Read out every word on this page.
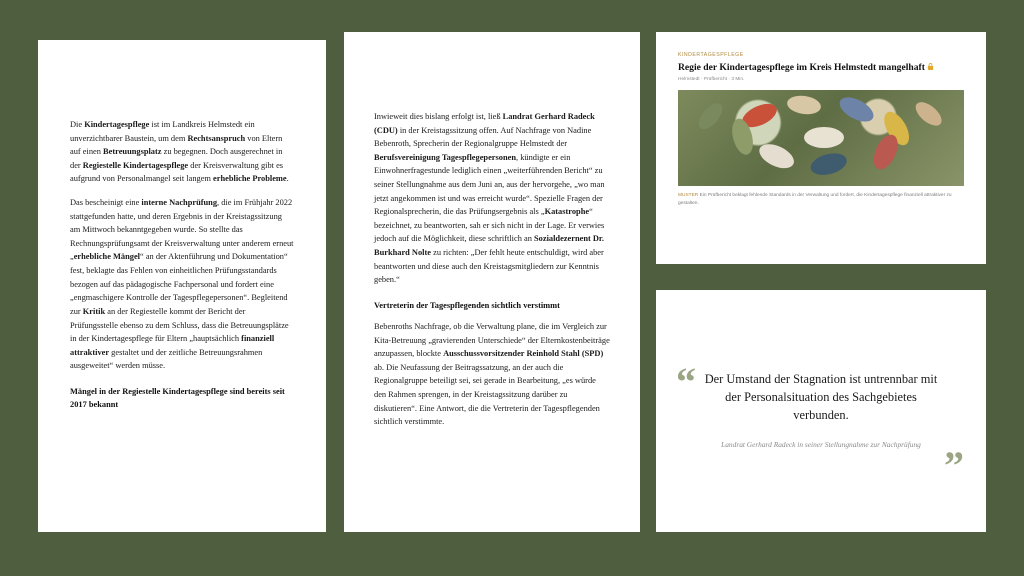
Die Kindertagespflege ist im Landkreis Helmstedt ein unverzichtbarer Baustein, um dem Rechtsanspruch von Eltern auf einen Betreuungsplatz zu begegnen. Doch ausgerechnet in der Regiestelle Kindertagespflege der Kreisverwaltung gibt es aufgrund von Personalmangel seit langem erhebliche Probleme.
Das bescheinigt eine interne Nachprüfung, die im Frühjahr 2022 stattgefunden hatte, und deren Ergebnis in der Kreistagssitzung am Mittwoch bekanntgegeben wurde. So stellte das Rechnungsprüfungsamt der Kreisverwaltung unter anderem erneut „erhebliche Mängel“ an der Aktenführung und Dokumentation“ fest, beklagte das Fehlen von einheitlichen Prüfungsstandards bezogen auf das pädagogische Fachpersonal und fordert eine „engmaschigere Kontrolle der Tagespflegepersonen“. Begleitend zur Kritik an der Regiestelle kommt der Bericht der Prüfungsstelle ebenso zu dem Schluss, dass die Betreuungsplätze in der Kindertagespflege für Eltern „hauptsächlich finanziell attraktiver gestaltet und der zeitliche Betreuungsrahmen ausgeweitet“ werden müsse.
Mängel in der Regiestelle Kindertagespflege sind bereits seit 2017 bekannt
Inwieweit dies bislang erfolgt ist, ließ Landrat Gerhard Radeck (CDU) in der Kreistagssitzung offen. Auf Nachfrage von Nadine Bebenroth, Sprecherin der Regionalgruppe Helmstedt der Berufsvereinigung Tagespflegepersonen, kündigte er ein Einwohnerfragestunde lediglich einen „weiterführenden Bericht“ zu seiner Stellungnahme aus dem Juni an, aus der hervorgehe, „wo man jetzt angekommen ist und was erreicht wurde“. Spezielle Fragen der Regionalsprecherin, die das Prüfungsergebnis als „Katastrophe“ bezeichnet, zu beantworten, sah er sich nicht in der Lage. Er verwies jedoch auf die Möglichkeit, diese schriftlich an Sozialdezernent Dr. Burkhard Nolte zu richten: „Der fehlt heute entschuldigt, wird aber beantworten und diese auch den Kreistagsmitgliedern zur Kenntnis geben.“
Vertreterin der Tagespflegenden sichtlich verstimmt
Bebenroths Nachfrage, ob die Verwaltung plane, die im Vergleich zur Kita-Betreuung „gravierenden Unterschiede“ der Elternkostenbeiträge anzupassen, blockte Ausschussvorsitzender Reinhold Stahl (SPD) ab. Die Neufassung der Beitragssatzung, an der auch die Regionalgruppe beteiligt sei, sei gerade in Bearbeitung, „es würde den Rahmen sprengen, in der Kreistagssitzung darüber zu diskutieren“. Eine Antwort, die die Vertreterin der Tagespflegenden sichtlich verstimmte.
KINDERTAGESPFLEGE
Regie der Kindertagespflege im Kreis Helmstedt mangelhaft
Helmstedt · Prüfbericht · 3 Min.
MUSTER Ein Prüfbericht beklagt fehlende Standards in der Verwaltung und fordert, die Kindertagespflege finanziell attraktiver zu gestalten.
“ Der Umstand der Stagnation ist untrennbar mit der Personalsituation des Sachgebietes verbunden.
Landrat Gerhard Radeck in seiner Stellungnahme zur Nachprüfung ”
